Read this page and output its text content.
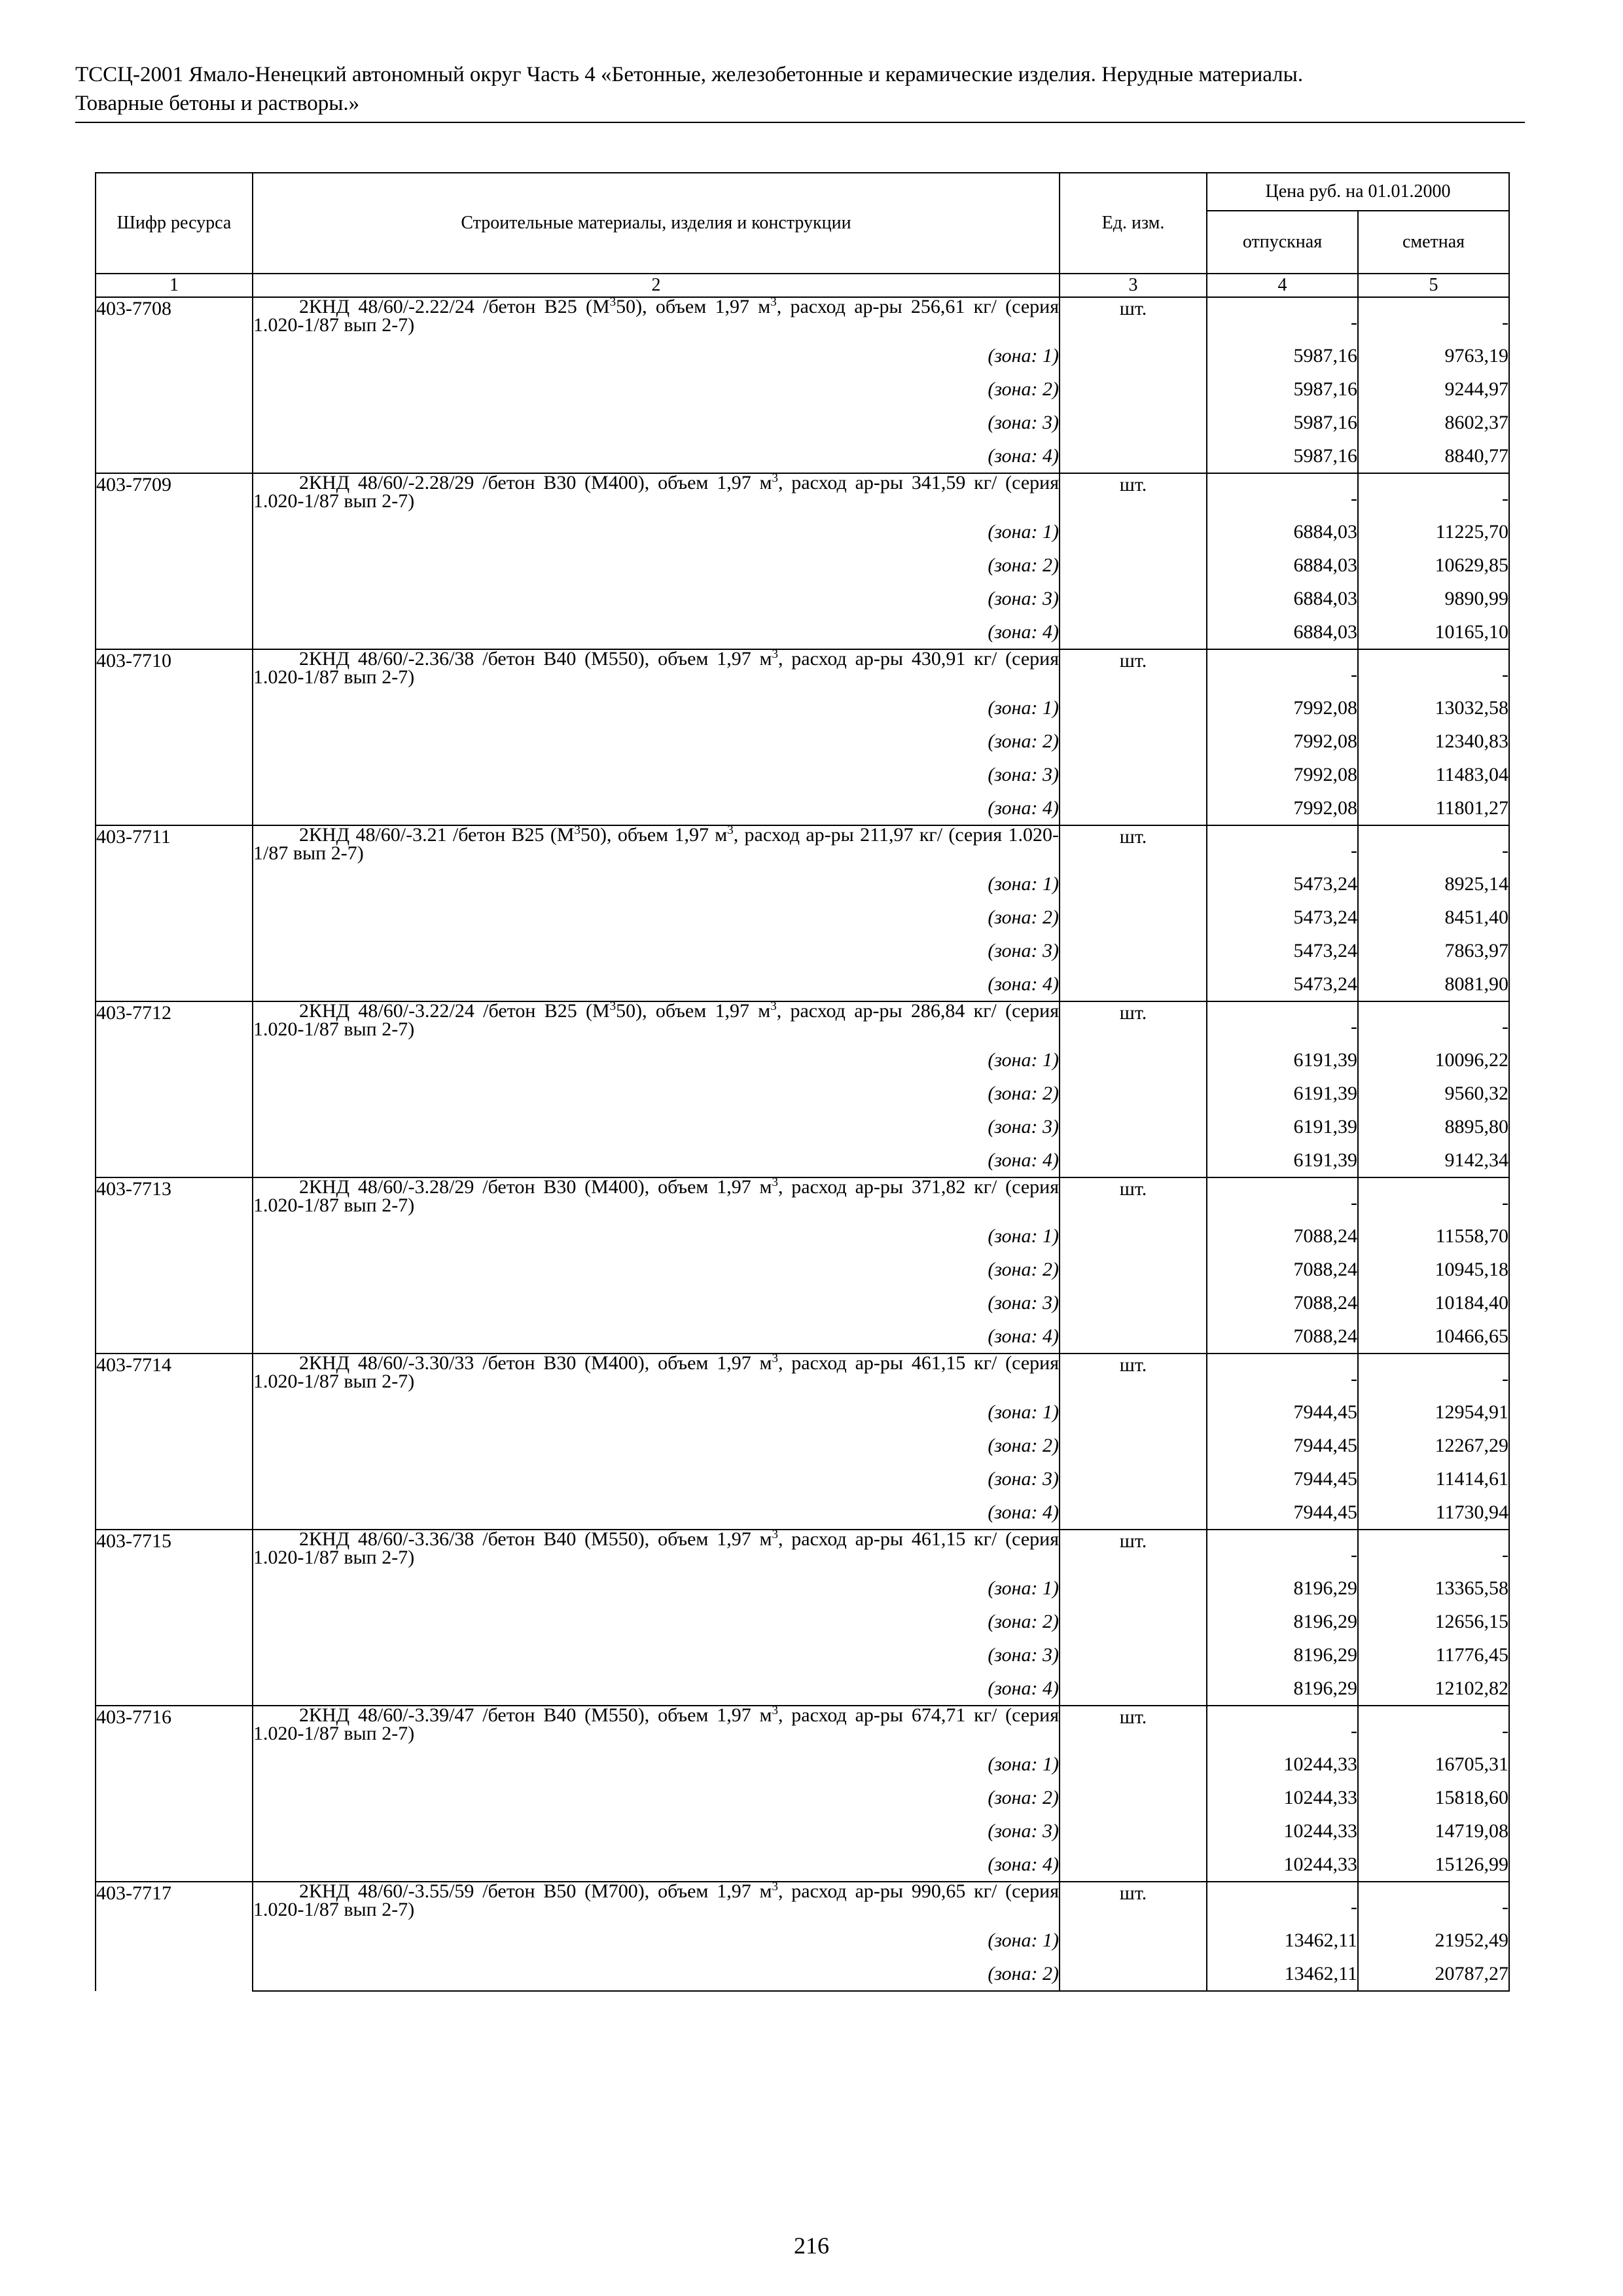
ТССЦ-2001 Ямало-Ненецкий автономный округ Часть 4 «Бетонные, железобетонные и керамические изделия. Нерудные материалы.
Товарные бетоны и растворы.»
Шифр ресурса	Строительные материалы, изделия и конструкции	Ед. изм.	Цена руб. на 01.01.2000	
			отпускная	сметная
1	2	3	4	5
403-7708	2КНД 48/60/-2.22/24 /бетон В25 $(М^350)$, объем 1,97 $м^3$, расход ар-ры 256,61 кг/ (серия 1.020-1/87 вып 2-7)	шт.	-	-
	(зона: 1)		5987,16	9763,19
	(зона: 2)		5987,16	9244,97
	(зона: 3)		5987,16	8602,37
	(зона: 4)		5987,16	8840,77
403-7709	2КНД 48/60/-2.28/29 /бетон В30 (М400), объем 1,97 $м^3$, расход ар-ры 341,59 кг/ (серия 1.020-1/87 вып 2-7)	шт.	-	-
	(зона: 1)		6884,03	11225,70
	(зона: 2)		6884,03	10629,85
	(зона: 3)		6884,03	9890,99
	(зона: 4)		6884,03	10165,10
403-7710	2КНД 48/60/-2.36/38 /бетон В40 (М550), объем 1,97 $м^3$, расход ар-ры 430,91 кг/ (серия 1.020-1/87 вып 2-7)	шт.	-	-
	(зона: 1)		7992,08	13032,58
	(зона: 2)		7992,08	12340,83
	(зона: 3)		7992,08	11483,04
	(зона: 4)		7992,08	11801,27
403-7711	2КНД 48/60/-3.21 /бетон В25 $(М^350)$, объем 1,97 $м^3$, расход ар-ры 211,97 кг/ (серия 1.020-1/87 вып 2-7)	шт.	-	-
	(зона: 1)		5473,24	8925,14
	(зона: 2)		5473,24	8451,40
	(зона: 3)		5473,24	7863,97
	(зона: 4)		5473,24	8081,90
403-7712	2КНД 48/60/-3.22/24 /бетон В25 $(М^350)$, объем 1,97 $м^3$, расход ар-ры 286,84 кг/ (серия 1.020-1/87 вып 2-7)	шт.	-	-
	(зона: 1)		6191,39	10096,22
	(зона: 2)		6191,39	9560,32
	(зона: 3)		6191,39	8895,80
	(зона: 4)		6191,39	9142,34
403-7713	2КНД 48/60/-3.28/29 /бетон В30 (М400), объем 1,97 $м^3$, расход ар-ры 371,82 кг/ (серия 1.020-1/87 вып 2-7)	шт.	-	-
	(зона: 1)		7088,24	11558,70
	(зона: 2)		7088,24	10945,18
	(зона: 3)		7088,24	10184,40
	(зона: 4)		7088,24	10466,65
403-7714	2КНД 48/60/-3.30/33 /бетон В30 (М400), объем 1,97 $м^3$, расход ар-ры 461,15 кг/ (серия 1.020-1/87 вып 2-7)	шт.	-	-
	(зона: 1)		7944,45	12954,91
	(зона: 2)		7944,45	12267,29
	(зона: 3)		7944,45	11414,61
	(зона: 4)		7944,45	11730,94
403-7715	2КНД 48/60/-3.36/38 /бетон В40 (М550), объем 1,97 $м^3$, расход ар-ры 461,15 кг/ (серия 1.020-1/87 вып 2-7)	шт.	-	-
	(зона: 1)		8196,29	13365,58
	(зона: 2)		8196,29	12656,15
	(зона: 3)		8196,29	11776,45
	(зона: 4)		8196,29	12102,82
403-7716	2КНД 48/60/-3.39/47 /бетон В40 (М550), объем 1,97 $м^3$, расход ар-ры 674,71 кг/ (серия 1.020-1/87 вып 2-7)	шт.	-	-
	(зона: 1)		10244,33	16705,31
	(зона: 2)		10244,33	15818,60
	(зона: 3)		10244,33	14719,08
	(зона: 4)		10244,33	15126,99
403-7717	2КНД 48/60/-3.55/59 /бетон В50 (М700), объем 1,97 $м^3$, расход ар-ры 990,65 кг/ (серия 1.020-1/87 вып 2-7)	шт.	-	-
	(зона: 1)		13462,11	21952,49
	(зона: 2)		13462,11	20787,27
216
